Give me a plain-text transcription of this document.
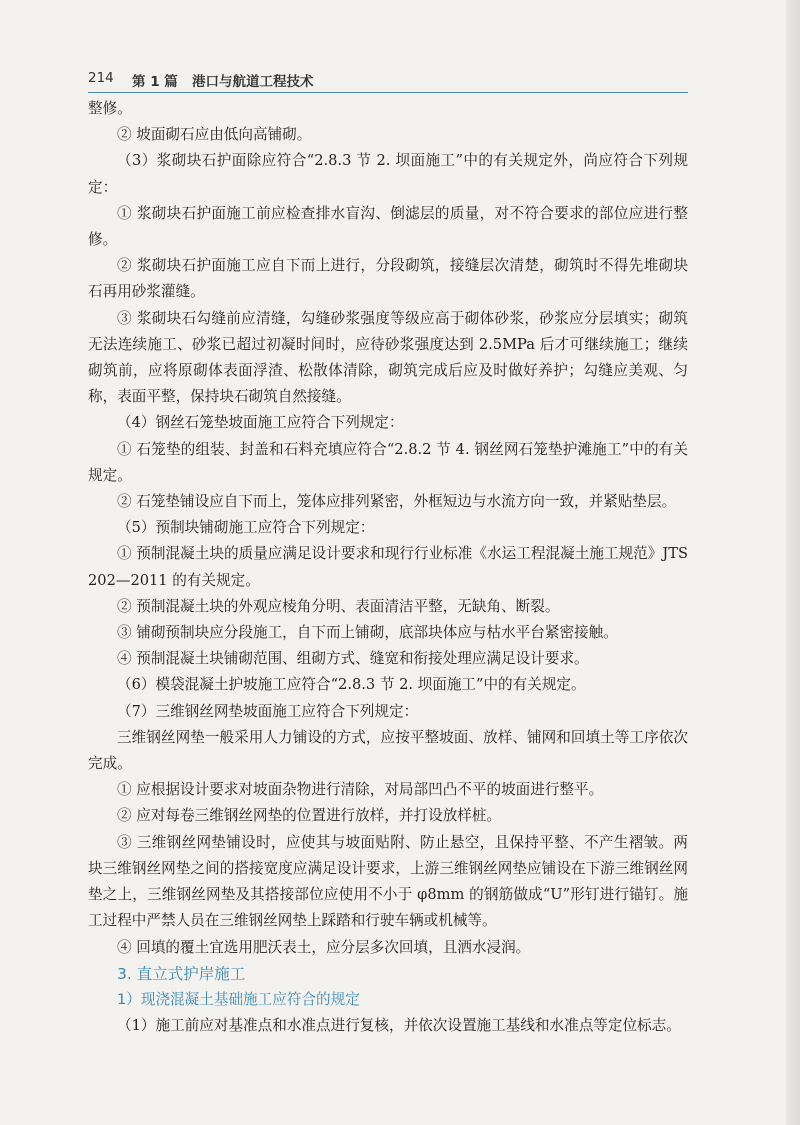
214 第 1 篇 港口与航道工程技术

整修。

② 坡面砌石应由低向高铺砌。

（3）浆砌块石护面除应符合“2.8.3 节 2. 坝面施工”中的有关规定外，尚应符合下列规定：

① 浆砌块石护面施工前应检查排水盲沟、倒滤层的质量，对不符合要求的部位应进行整修。

② 浆砌块石护面施工应自下而上进行，分段砌筑，接缝层次清楚，砌筑时不得先堆砌块石再用砂浆灌缝。

③ 浆砌块石勾缝前应清缝，勾缝砂浆强度等级应高于砌体砂浆，砂浆应分层填实；砌筑无法连续施工、砂浆已超过初凝时间时，应待砂浆强度达到 2.5MPa 后才可继续施工；继续砌筑前，应将原砌体表面浮渣、松散体清除，砌筑完成后应及时做好养护；勾缝应美观、匀称，表面平整，保持块石砌筑自然接缝。

（4）钢丝石笼垫坡面施工应符合下列规定：

① 石笼垫的组装、封盖和石料充填应符合“2.8.2 节 4. 钢丝网石笼垫护滩施工”中的有关规定。

② 石笼垫铺设应自下而上，笼体应排列紧密，外框短边与水流方向一致，并紧贴垫层。

（5）预制块铺砌施工应符合下列规定：

① 预制混凝土块的质量应满足设计要求和现行行业标准《水运工程混凝土施工规范》JTS 202—2011 的有关规定。

② 预制混凝土块的外观应棱角分明、表面清洁平整，无缺角、断裂。

③ 铺砌预制块应分段施工，自下而上铺砌，底部块体应与枯水平台紧密接触。

④ 预制混凝土块铺砌范围、组砌方式、缝宽和衔接处理应满足设计要求。

（6）模袋混凝土护坡施工应符合“2.8.3 节 2. 坝面施工”中的有关规定。

（7）三维钢丝网垫坡面施工应符合下列规定：

三维钢丝网垫一般采用人力铺设的方式，应按平整坡面、放样、铺网和回填土等工序依次完成。

① 应根据设计要求对坡面杂物进行清除，对局部凹凸不平的坡面进行整平。

② 应对每卷三维钢丝网垫的位置进行放样，并打设放样桩。

③ 三维钢丝网垫铺设时，应使其与坡面贴附、防止悬空，且保持平整、不产生褶皱。两块三维钢丝网垫之间的搭接宽度应满足设计要求，上游三维钢丝网垫应铺设在下游三维钢丝网垫之上，三维钢丝网垫及其搭接部位应使用不小于 φ8mm 的钢筋做成“U”形钉进行锚钉。施工过程中严禁人员在三维钢丝网垫上踩踏和行驶车辆或机械等。

④ 回填的覆土宜选用肥沃表土，应分层多次回填，且洒水浸润。

3. 直立式护岸施工

1）现浇混凝土基础施工应符合的规定

（1）施工前应对基准点和水准点进行复核，并依次设置施工基线和水准点等定位标志。
